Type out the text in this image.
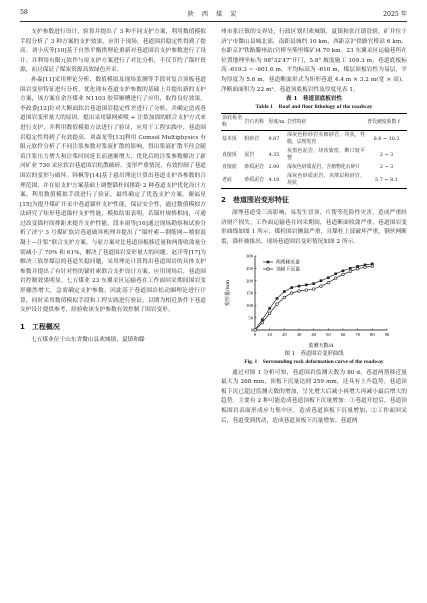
58	陕 西 煤 炭	2025 年

支护参数进行设计，验算并提出了 3 种不同支护方案，利用数值模拟手段分析了 3 种方案的支护效果，应用于现场，巷道围岩稳定性得到了提高。刘小庆等[10]基于自然平衡拱理论重新对巷道围岩支护参数进行了设计，并利用有限元软件与原支护方案进行了对比分析，不仅节约了锚杆资源，而且保证了煤炭资源高效绿色开采。

孙淼[11]采用理论分析、数值模拟及现场监测等手段对复合顶板巷道围岩变形特征进行分析，优化现有巷道支护参数的基础上并提出新的支护方案，该方案在余吾煤业 N1103 胶带顺槽进行了应用，取得良好效果。李政委[12]针对大断面软岩巷道围岩稳定性差进行了分析，并确定造成巷道围岩变形量大的原因，提出采用锚网索喷 + 注浆加固的联合支护方式来进行支护，并利用数值模拟方法进行了验证，应用于工程实践中，巷道围岩稳定性得到了有效提高。刘森龙等[13]利用 Comsol Multiphysics 有限元软件分析了不同注浆参数对浆液扩散的影响，得出浆液扩散半径会随着注浆压力增大和注浆时间延长而逐渐增大，优化后的注浆参数解决了新河矿业 730 采区软岩巷道围岩松散破碎、变形严重情况，有效控制了巷道围岩的变形与破坏。韩枫等[14]基于悬吊理论计算出巷道支护各参数的合理范围，并在原支护方案基础上调整锚杆间排距 2 种巷道支护优化设计方案，利用数值模拟手段进行了验证，最终确定了优选支护方案。谢福星[15]为提升煤矿开采中巷道锚杆支护性能，保证安全性，通过数值模拟方法研究了矩形巷道锚杆支护性能，模拟结果表明，若锚杆规格相同，可通过改变锚杆间排距来提升支护性能。段本雨等[16]通过现场勘察和试验分析了济宁 3 号煤矿软岩巷道破坏机理并提出了“锚杆索—钢筋网—喷射混凝土—注浆”联合支护方案，与原方案对比巷道顶板移近量和两帮收敛量分别减小了 70% 和 61%，解决了巷道围岩变形量大的问题。赵洋等[17]为解决三软厚煤层的巷道失稳问题，采用理论计算得出巷道围岩的具体支护参数并提出了有针对性的锚杆索联合支护设计方案。应用现场后，巷道围岩控制效果明显。七五煤业 23 东翼采区运输巷在工作面回采期间围岩变形骤然增大，急需确定支护参数，因此基于巷道围岩松动圈理论进行计算，同时采用数值模拟手段和工程实践进行验证，以期为相近条件下巷道支护设计提供参考，经验收该支护参数有效控制了围岩变形。

1　工程概况

七五煤业位于山东省微山县欢城镇、夏镇和滕

州市张汪镇的交界处，行政区划归欢城镇，夏镇和张汪镇管辖。矿井位于济宁市微山县城北部，南距县城约 10 km，西距京沪铁路官桥站 6 km，东距京沪铁路滕州站(官桥至柴里煤矿)4.70 km。23 东翼采区运输巷所在位置地理坐标为 98°32′47″开门，5.8° 坡度施工 109.3 m，巷道底板标高 -619.3 ~ -601.6 m，平均标高为 -610 m，煤层顶板岩性为易层，平均厚度为 5.6 m，巷道断面形式为矩形巷道 4.4 m × 3.2 m(宽 × 高)，净断面面积为 22 m²。巷道顶底板岩性及厚度见表 1。

表 1　巷道顶底板岩性
Table 1　Roof and floor lithology of the roadway
顶底板名称	岩石名称	厚度/m	岩性特征	普氏硬度系数 f
基本顶	粉砂岩	9.87	深灰色粉砂岩夹细砂岩，块状，性脆，层理发育	8.8 ~ 10.2
直接顶	泥岩	4.35	灰黑色泥岩，块状致密，断口较平整	2 ~ 3
直接底	砂质泥岩	2.90	深灰色砂质泥岩，含植物化石碎片	2 ~ 3
老底	砂质泥岩	4.10	深灰色砂质泥岩，夹薄层粉砂岩，块状	5.7 ~ 8.1
2　巷道围岩变形特征

深埋巷道受三高影响，易发生冒顶、片帮等危险性灾害，造成严重经济财产损失。工作面运输巷在回采期间，巷道断面收敛严重，巷道围岩变形曲线如图 1 所示。煤柱围岩侧鼓严重，且煤柱上部破坏严重，钢丝网断裂，锚杆被拔出。现场巷道围岩变形情况如图 2 所示。

0 10 20 30 40 50 60 70 80 90
0
50
100
150
200
250
300
监测天数/d
变形量/mm
两帮移近量
顶板下沉量
图 1　巷道围岩变形曲线
Fig. 1　Surrounding rock deformation curve of the roadway

通过对图 1 分析可知，巷道围岩监测天数为 80 d，巷道两帮移近量最大为 268 mm，顶板下沉量达到 259 mm，还具有上升趋势。巷道顶板下沉已超过监测天数的增加，呈先增大后减小再增大再减小最后增大的趋势。主要有 2 种可能造成巷道顶板下沉量增加：①巷道开挖后，巷道顶板围岩表面形成应力集中区，造成巷道顶板下沉量增加；②工作面回采后，巷道受到扰动，造成巷道顶板下沉量增加。巷道两
